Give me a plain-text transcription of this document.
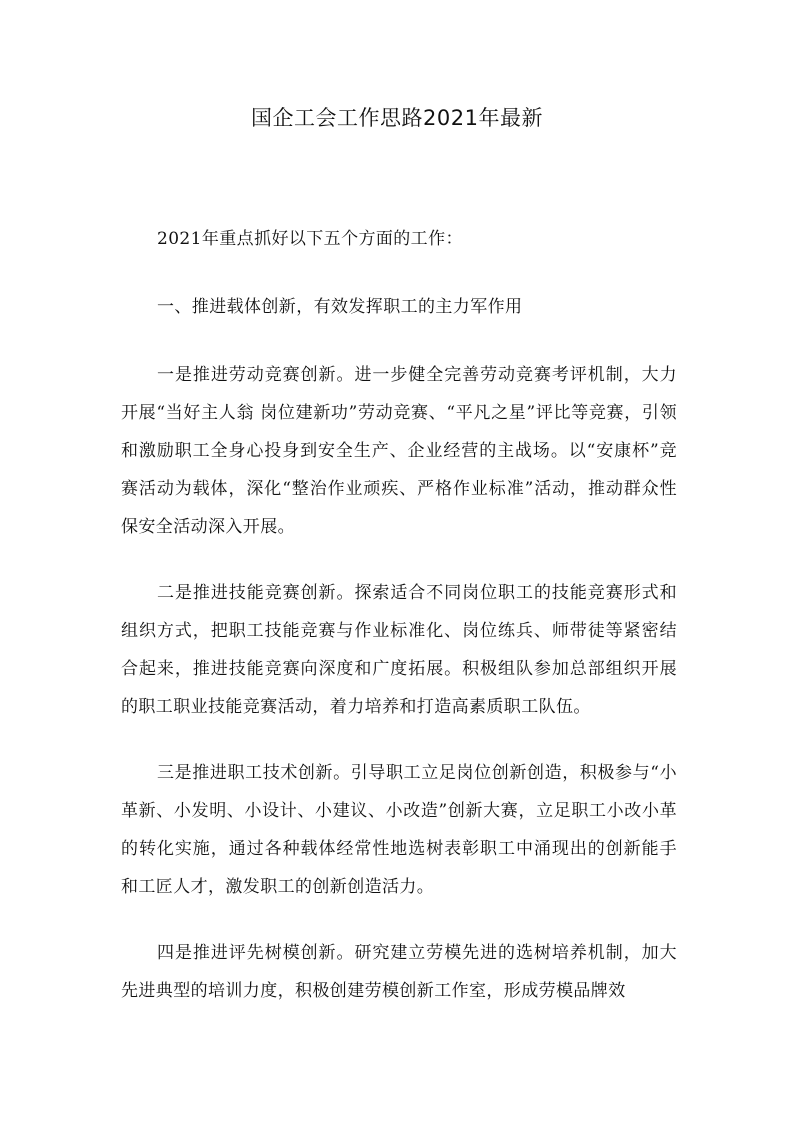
国企工会工作思路2021年最新

2021年重点抓好以下五个方面的工作：

一、推进载体创新，有效发挥职工的主力军作用

一是推进劳动竞赛创新。进一步健全完善劳动竞赛考评机制，大力开展“当好主人翁 岗位建新功”劳动竞赛、“平凡之星”评比等竞赛，引领和激励职工全身心投身到安全生产、企业经营的主战场。以“安康杯”竞赛活动为载体，深化“整治作业顽疾、严格作业标准”活动，推动群众性保安全活动深入开展。

二是推进技能竞赛创新。探索适合不同岗位职工的技能竞赛形式和组织方式，把职工技能竞赛与作业标准化、岗位练兵、师带徒等紧密结合起来，推进技能竞赛向深度和广度拓展。积极组队参加总部组织开展的职工职业技能竞赛活动，着力培养和打造高素质职工队伍。

三是推进职工技术创新。引导职工立足岗位创新创造，积极参与“小革新、小发明、小设计、小建议、小改造”创新大赛，立足职工小改小革的转化实施，通过各种载体经常性地选树表彰职工中涌现出的创新能手和工匠人才，激发职工的创新创造活力。

四是推进评先树模创新。研究建立劳模先进的选树培养机制，加大先进典型的培训力度，积极创建劳模创新工作室，形成劳模品牌效
